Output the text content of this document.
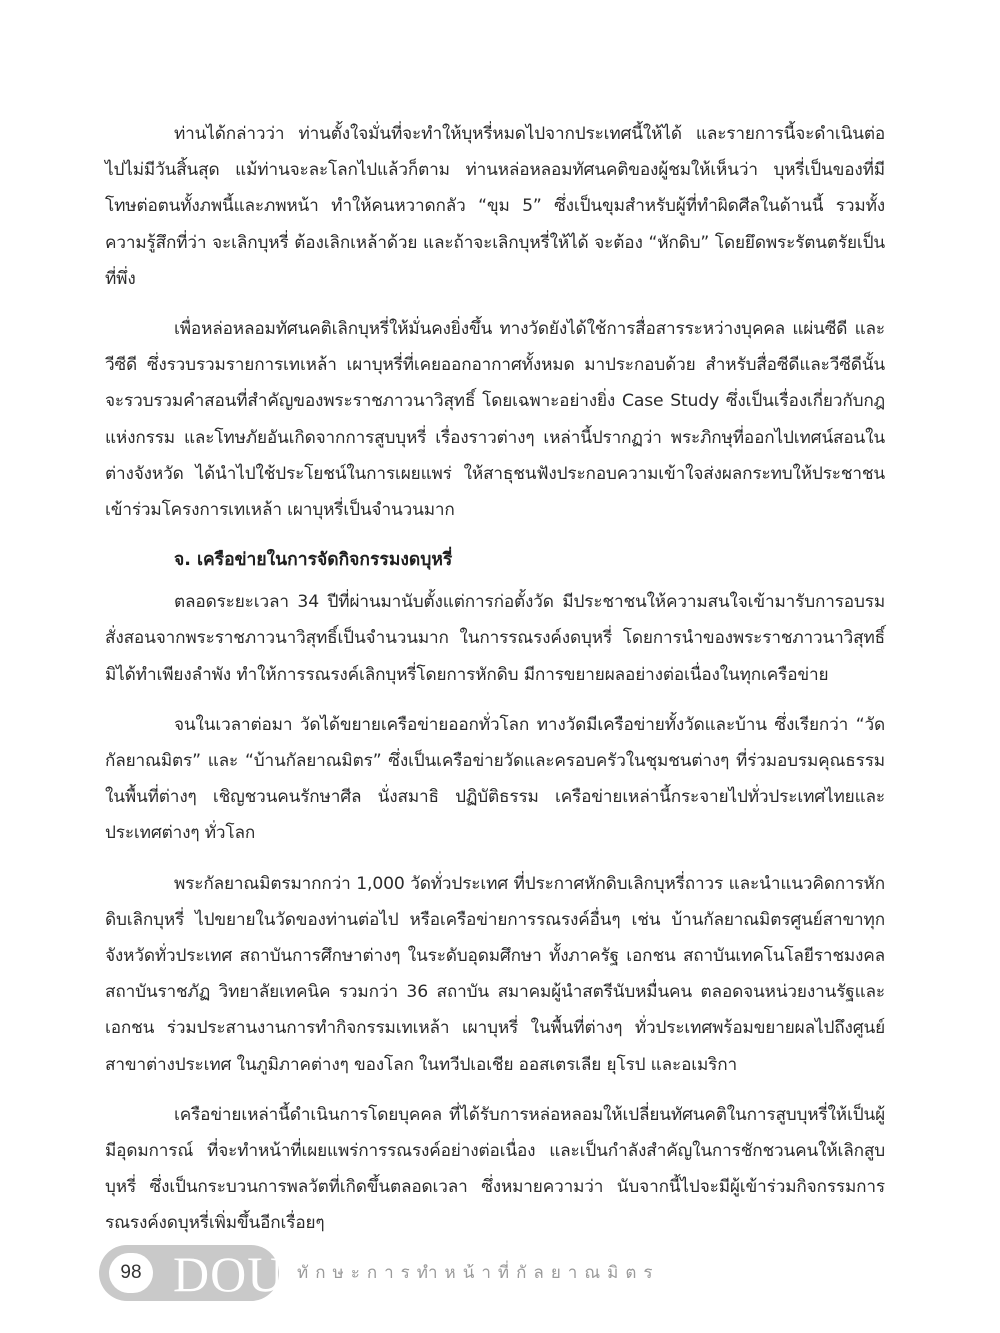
ท่านได้กล่าวว่า ท่านตั้งใจมั่นที่จะทำให้บุหรี่หมดไปจากประเทศนี้ให้ได้ และรายการนี้จะดำเนินต่อไปไม่มีวันสิ้นสุด แม้ท่านจะละโลกไปแล้วก็ตาม ท่านหล่อหลอมทัศนคติของผู้ชมให้เห็นว่า บุหรี่เป็นของที่มีโทษต่อตนทั้งภพนี้และภพหน้า ทำให้คนหวาดกลัว “ขุม 5” ซึ่งเป็นขุมสำหรับผู้ที่ทำผิดศีลในด้านนี้ รวมทั้งความรู้สึกที่ว่า จะเลิกบุหรี่ ต้องเลิกเหล้าด้วย และถ้าจะเลิกบุหรี่ให้ได้ จะต้อง “หักดิบ” โดยยึดพระรัตนตรัยเป็นที่พึ่ง

เพื่อหล่อหลอมทัศนคติเลิกบุหรี่ให้มั่นคงยิ่งขึ้น ทางวัดยังได้ใช้การสื่อสารระหว่างบุคคล แผ่นซีดี และวีซีดี ซึ่งรวบรวมรายการเทเหล้า เผาบุหรี่ที่เคยออกอากาศทั้งหมด มาประกอบด้วย สำหรับสื่อซีดีและวีซีดีนั้น จะรวบรวมคำสอนที่สำคัญของพระราชภาวนาวิสุทธิ์ โดยเฉพาะอย่างยิ่ง Case Study ซึ่งเป็นเรื่องเกี่ยวกับกฎแห่งกรรม และโทษภัยอันเกิดจากการสูบบุหรี่ เรื่องราวต่างๆ เหล่านี้ปรากฏว่า พระภิกษุที่ออกไปเทศน์สอนในต่างจังหวัด ได้นำไปใช้ประโยชน์ในการเผยแพร่ ให้สาธุชนฟังประกอบความเข้าใจส่งผลกระทบให้ประชาชนเข้าร่วมโครงการเทเหล้า เผาบุหรี่เป็นจำนวนมาก

จ. เครือข่ายในการจัดกิจกรรมงดบุหรี่

ตลอดระยะเวลา 34 ปีที่ผ่านมานับตั้งแต่การก่อตั้งวัด มีประชาชนให้ความสนใจเข้ามารับการอบรมสั่งสอนจากพระราชภาวนาวิสุทธิ์เป็นจำนวนมาก ในการรณรงค์งดบุหรี่ โดยการนำของพระราชภาวนาวิสุทธิ์มิได้ทำเพียงลำพัง ทำให้การรณรงค์เลิกบุหรี่โดยการหักดิบ มีการขยายผลอย่างต่อเนื่องในทุกเครือข่าย

จนในเวลาต่อมา วัดได้ขยายเครือข่ายออกทั่วโลก ทางวัดมีเครือข่ายทั้งวัดและบ้าน ซึ่งเรียกว่า “วัดกัลยาณมิตร” และ “บ้านกัลยาณมิตร” ซึ่งเป็นเครือข่ายวัดและครอบครัวในชุมชนต่างๆ ที่ร่วมอบรมคุณธรรมในพื้นที่ต่างๆ เชิญชวนคนรักษาศีล นั่งสมาธิ ปฏิบัติธรรม เครือข่ายเหล่านี้กระจายไปทั่วประเทศไทยและประเทศต่างๆ ทั่วโลก

พระกัลยาณมิตรมากกว่า 1,000 วัดทั่วประเทศ ที่ประกาศหักดิบเลิกบุหรี่ถาวร และนำแนวคิดการหักดิบเลิกบุหรี่ ไปขยายในวัดของท่านต่อไป หรือเครือข่ายการรณรงค์อื่นๆ เช่น บ้านกัลยาณมิตรศูนย์สาขาทุกจังหวัดทั่วประเทศ สถาบันการศึกษาต่างๆ ในระดับอุดมศึกษา ทั้งภาครัฐ เอกชน สถาบันเทคโนโลยีราชมงคล สถาบันราชภัฏ วิทยาลัยเทคนิค รวมกว่า 36 สถาบัน สมาคมผู้นำสตรีนับหมื่นคน ตลอดจนหน่วยงานรัฐและเอกชน ร่วมประสานงานการทำกิจกรรมเทเหล้า เผาบุหรี่ ในพื้นที่ต่างๆ ทั่วประเทศพร้อมขยายผลไปถึงศูนย์สาขาต่างประเทศ ในภูมิภาคต่างๆ ของโลก ในทวีปเอเชีย ออสเตรเลีย ยุโรป และอเมริกา

เครือข่ายเหล่านี้ดำเนินการโดยบุคคล ที่ได้รับการหล่อหลอมให้เปลี่ยนทัศนคติในการสูบบุหรี่ให้เป็นผู้มีอุดมการณ์ ที่จะทำหน้าที่เผยแพร่การรณรงค์อย่างต่อเนื่อง และเป็นกำลังสำคัญในการชักชวนคนให้เลิกสูบบุหรี่ ซึ่งเป็นกระบวนการพลวัตที่เกิดขึ้นตลอดเวลา ซึ่งหมายความว่า นับจากนี้ไปจะมีผู้เข้าร่วมกิจกรรมการรณรงค์งดบุหรี่เพิ่มขึ้นอีกเรื่อยๆ

98 DOU ทักษะการทำหน้าที่กัลยาณมิตร
